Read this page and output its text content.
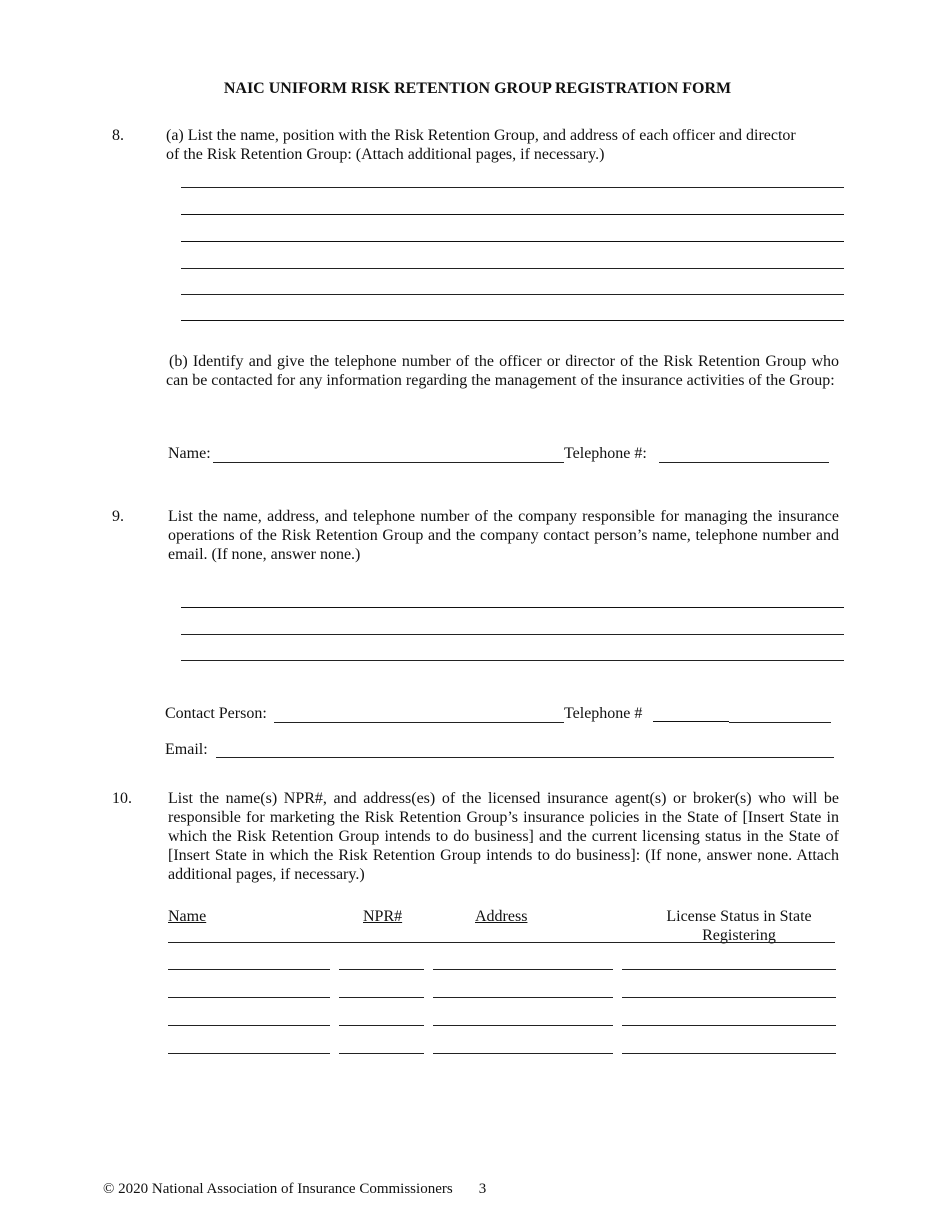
NAIC UNIFORM RISK RETENTION GROUP REGISTRATION FORM
8.	(a) List the name, position with the Risk Retention Group, and address of each officer and director of the Risk Retention Group: (Attach additional pages, if necessary.)
(b) Identify and give the telephone number of the officer or director of the Risk Retention Group who can be contacted for any information regarding the management of the insurance activities of the Group:
Name:	Telephone #:
9.	List the name, address, and telephone number of the company responsible for managing the insurance operations of the Risk Retention Group and the company contact person’s name, telephone number and email. (If none, answer none.)
Contact Person:	Telephone #
Email:
10. List the name(s) NPR#, and address(es) of the licensed insurance agent(s) or broker(s) who will be responsible for marketing the Risk Retention Group’s insurance policies in the State of [Insert State in which the Risk Retention Group intends to do business] and the current licensing status in the State of [Insert State in which the Risk Retention Group intends to do business]: (If none, answer none. Attach additional pages, if necessary.)
Name	NPR#	Address	License Status in State
Registering
© 2020 National Association of Insurance Commissioners 3
